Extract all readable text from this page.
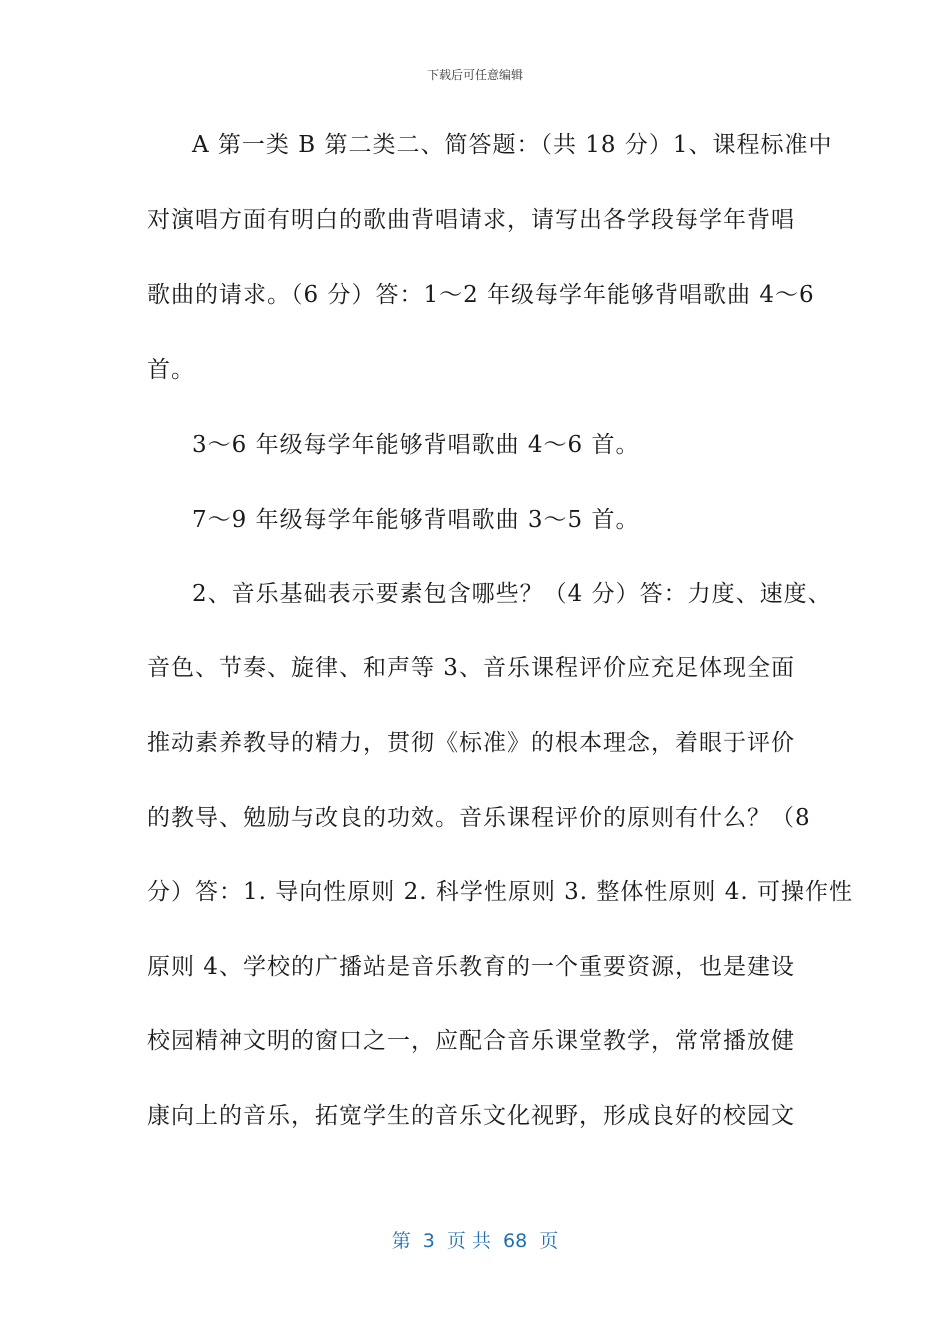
下载后可任意编辑
A 第一类 B 第二类二、简答题：（共 18 分）1、课程标准中
对演唱方面有明白的歌曲背唱请求，请写出各学段每学年背唱
歌曲的请求。（6 分）答：1～2 年级每学年能够背唱歌曲 4～6
首。
3～6 年级每学年能够背唱歌曲 4～6 首。
7～9 年级每学年能够背唱歌曲 3～5 首。
2、音乐基础表示要素包含哪些？（4 分）答：力度、速度、
音色、节奏、旋律、和声等 3、音乐课程评价应充足体现全面
推动素养教导的精力，贯彻《标准》的根本理念，着眼于评价
的教导、勉励与改良的功效。音乐课程评价的原则有什么？（8
分）答：1. 导向性原则 2. 科学性原则 3. 整体性原则 4. 可操作性
原则 4、学校的广播站是音乐教育的一个重要资源，也是建设
校园精神文明的窗口之一，应配合音乐课堂教学，常常播放健
康向上的音乐，拓宽学生的音乐文化视野，形成良好的校园文
第  3  页 共  68  页
